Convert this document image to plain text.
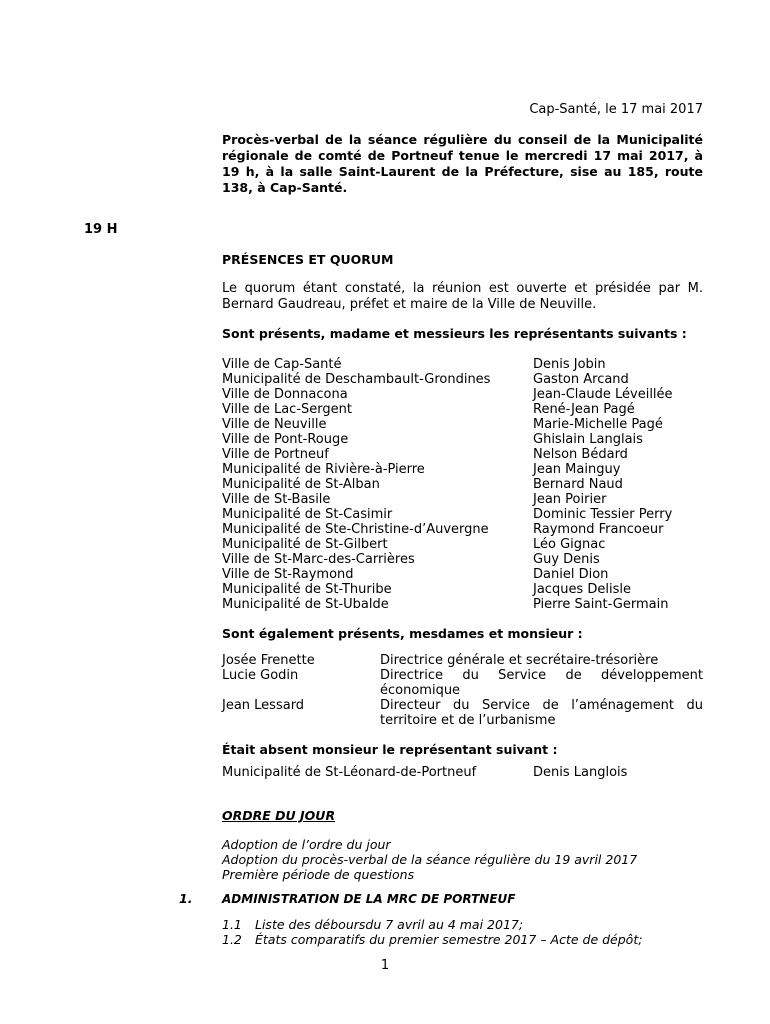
Cap-Santé, le 17 mai 2017
Procès-verbal de la séance régulière du conseil de la Municipalité régionale de comté de Portneuf tenue le mercredi 17 mai 2017, à 19 h, à la salle Saint-Laurent de la Préfecture, sise au 185, route 138, à Cap-Santé.
19 H
PRÉSENCES ET QUORUM
Le quorum étant constaté, la réunion est ouverte et présidée par M. Bernard Gaudreau, préfet et maire de la Ville de Neuville.
Sont présents, madame et messieurs les représentants suivants :
Ville de Cap-Santé	Denis Jobin
Municipalité de Deschambault-Grondines	Gaston Arcand
Ville de Donnacona	Jean-Claude Léveillée
Ville de Lac-Sergent	René-Jean Pagé
Ville de Neuville	Marie-Michelle Pagé
Ville de Pont-Rouge	Ghislain Langlais
Ville de Portneuf	Nelson Bédard
Municipalité de Rivière-à-Pierre	Jean Mainguy
Municipalité de St-Alban	Bernard Naud
Ville de St-Basile	Jean Poirier
Municipalité de St-Casimir	Dominic Tessier Perry
Municipalité de Ste-Christine-d’Auvergne	Raymond Francoeur
Municipalité de St-Gilbert	Léo Gignac
Ville de St-Marc-des-Carrières	Guy Denis
Ville de St-Raymond	Daniel Dion
Municipalité de St-Thuribe	Jacques Delisle
Municipalité de St-Ubalde	Pierre Saint-Germain
Sont également présents, mesdames et monsieur :
Josée Frenette	Directrice générale et secrétaire-trésorière
Lucie Godin	Directrice du Service de développement économique
Jean Lessard	Directeur du Service de l’aménagement du territoire et de l’urbanisme
Était absent monsieur le représentant suivant :
Municipalité de St-Léonard-de-Portneuf	Denis Langlois
ORDRE DU JOUR
Adoption de l’ordre du jour
Adoption du procès-verbal de la séance régulière du 19 avril 2017
Première période de questions
1. ADMINISTRATION DE LA MRC DE PORTNEUF
1.1	Liste des déboursdu 7 avril au 4 mai 2017;
1.2	États comparatifs du premier semestre 2017 – Acte de dépôt;
1
